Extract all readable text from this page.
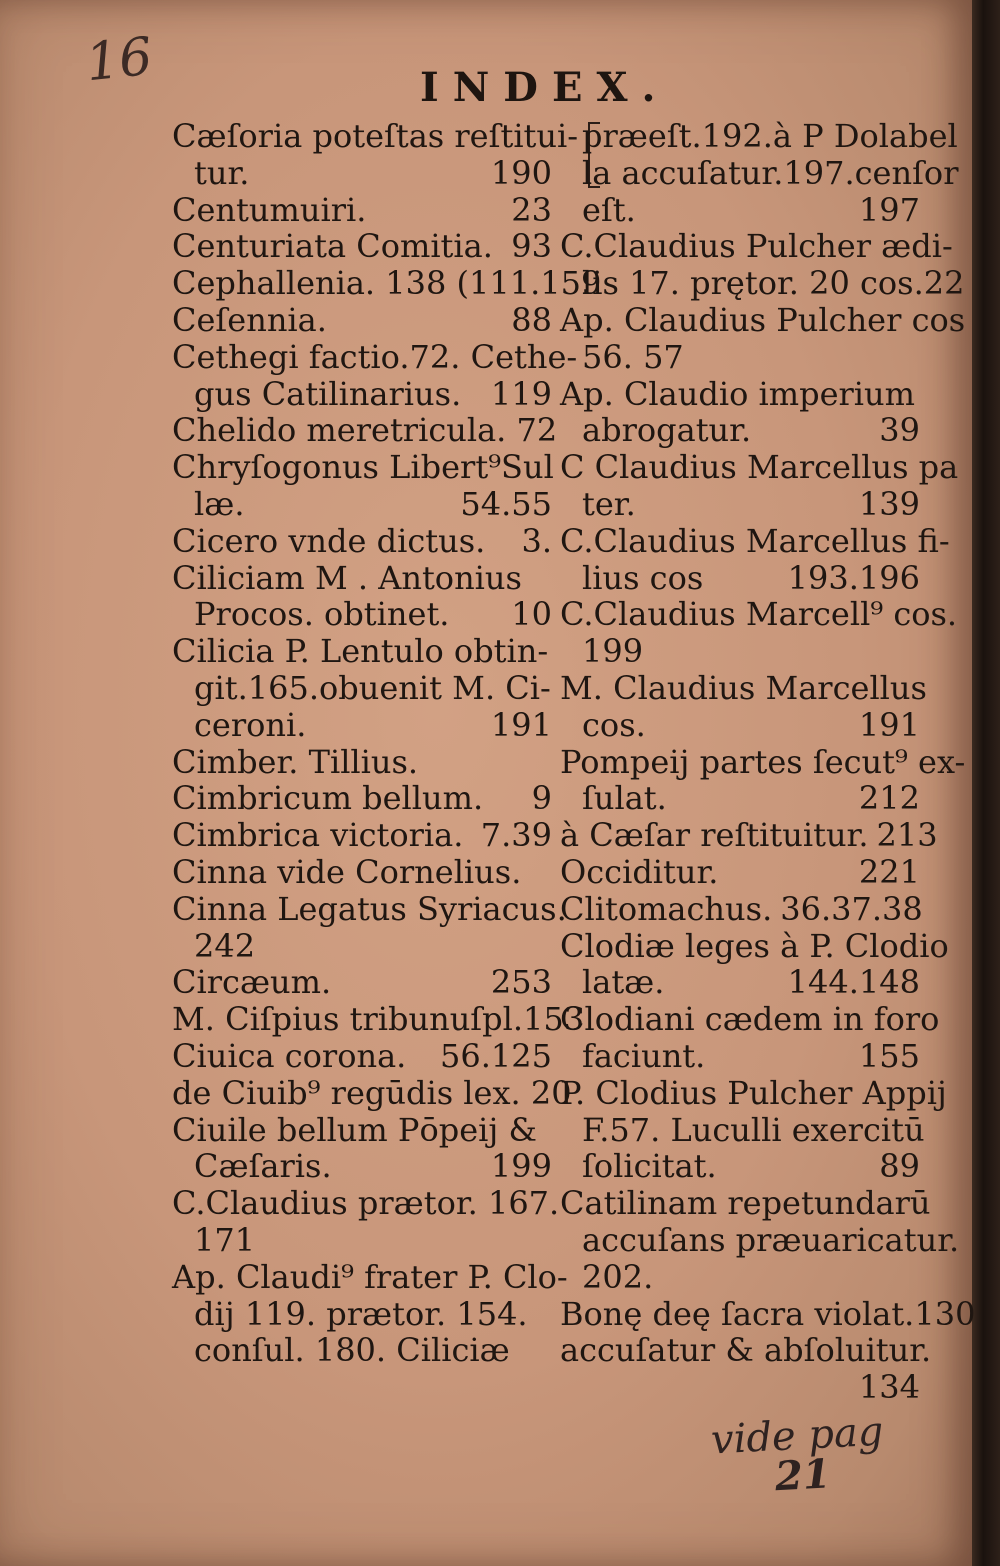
16	INDEX.
Cæſoria poteſtas reſtitui-
tur.	190
Centumuiri.	23
Centuriata Comitia. 93
Cephallenia. 138 (111.159
Ceſennia.	88
Cethegi factio.72. Cethe-
gus Catilinarius. 119
Chelido meretricula. 72
Chryſogonus Libert⁹Sul
læ.	54.55
Cicero vnde dictus. 3.
Ciliciam M . Antonius
Procos. obtinet. 10
Cilicia P. Lentulo obtin-
git.165.obuenit M. Ci-
ceroni.	191
Cimber. Tillius.
Cimbricum bellum. 9
Cimbrica victoria. 7.39
Cinna vide Cornelius.
Cinna Legatus Syriacus.
242
Circæum.	253
M. Ciſpius tribunuſpl.153
Ciuica corona. 56.125
de Ciuib⁹ regūdis lex. 20
Ciuile bellum Pōpeij &
Cæſaris.	199
C.Claudius prætor. 167.
171
Ap. Claudi⁹ frater P. Clo-
dij 119. prætor. 154.
conſul. 180. Ciliciæ
præeſt.192.à P Dolabel
la accuſatur.197.cenſor
eſt.	197
C.Claudius Pulcher ædi-
lis 17. prętor. 20 cos.22
Ap. Claudius Pulcher cos
56. 57
Ap. Claudio imperium
abrogatur.	39
C Claudius Marcellus pa
ter.	139
C.Claudius Marcellus fi-
lius cos	193.196
C.Claudius Marcell⁹ cos.
199
M. Claudius Marcellus
cos.	191
Pompeij partes ſecut⁹ ex-
ſulat.	212
à Cæſar reſtituitur. 213
Occiditur.	221
Clitomachus. 36.37.38
Clodiæ leges à P. Clodio
latæ.	144.148
Clodiani cædem in foro
faciunt.	155
P. Clodius Pulcher Appij
F.57. Luculli exercitū
ſolicitat.	89
Catilinam repetundarū
accuſans præuaricatur.
202.
Bonę deę ſacra violat.130
accuſatur & abſoluitur.
134
vide pag
21
